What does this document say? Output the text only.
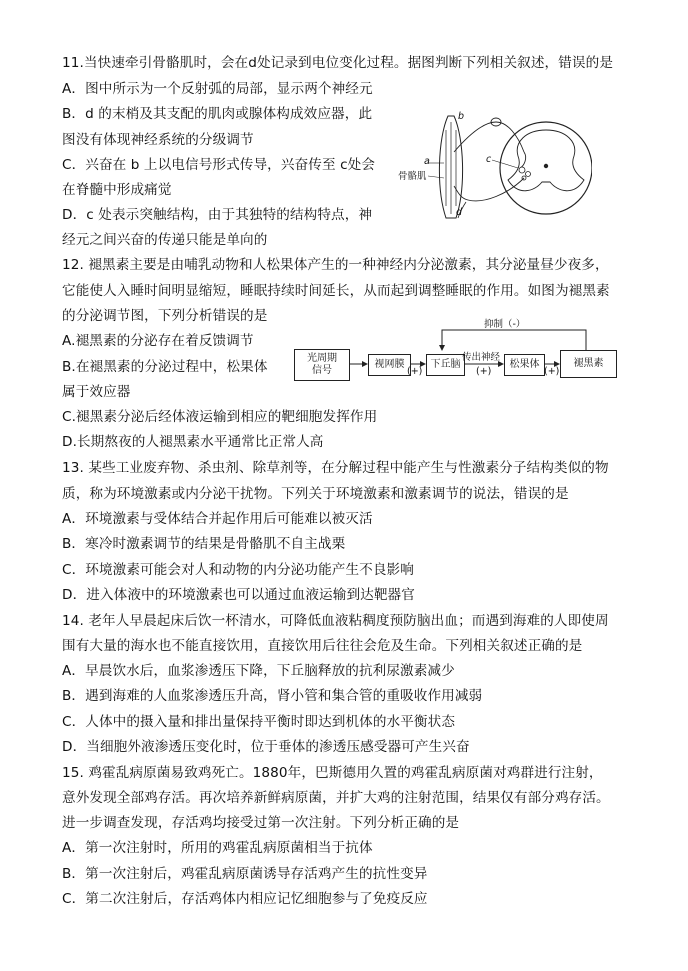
11.当快速牵引骨骼肌时，会在d处记录到电位变化过程。据图判断下列相关叙述，错误的是
A．图中所示为一个反射弧的局部，显示两个神经元
B．d 的末梢及其支配的肌肉或腺体构成效应器，此
图没有体现神经系统的分级调节
C．兴奋在 b 上以电信号形式传导，兴奋传至 c处会
在脊髓中形成痛觉
D．c 处表示突触结构，由于其独特的结构特点，神
经元之间兴奋的传递只能是单向的
b
a	c
d
骨骼肌
12. 褪黑素主要是由哺乳动物和人松果体产生的一种神经内分泌激素，其分泌量昼少夜多，
它能使人入睡时间明显缩短，睡眠持续时间延长，从而起到调整睡眠的作用。如图为褪黑素
的分泌调节图，下列分析错误的是
A.褪黑素的分泌存在着反馈调节
B.在褪黑素的分泌过程中，松果体
属于效应器
C.褪黑素分泌后经体液运输到相应的靶细胞发挥作用
D.长期熬夜的人褪黑素水平通常比正常人高
光周期信号
视网膜	下丘脑	松果体	褪黑素
抑制（-）
传出神经
(+)	(+)	(+)
13. 某些工业废弃物、杀虫剂、除草剂等，在分解过程中能产生与性激素分子结构类似的物
质，称为环境激素或内分泌干扰物。下列关于环境激素和激素调节的说法，错误的是
A．环境激素与受体结合并起作用后可能难以被灭活
B．寒冷时激素调节的结果是骨骼肌不自主战栗
C．环境激素可能会对人和动物的内分泌功能产生不良影响
D．进入体液中的环境激素也可以通过血液运输到达靶器官
14. 老年人早晨起床后饮一杯清水，可降低血液粘稠度预防脑出血；而遇到海难的人即使周
围有大量的海水也不能直接饮用，直接饮用后往往会危及生命。下列相关叙述正确的是
A．早晨饮水后，血浆渗透压下降，下丘脑释放的抗利尿激素减少
B．遇到海难的人血浆渗透压升高，肾小管和集合管的重吸收作用减弱
C．人体中的摄入量和排出量保持平衡时即达到机体的水平衡状态
D．当细胞外液渗透压变化时，位于垂体的渗透压感受器可产生兴奋
15. 鸡霍乱病原菌易致鸡死亡。1880年，巴斯德用久置的鸡霍乱病原菌对鸡群进行注射，
意外发现全部鸡存活。再次培养新鲜病原菌，并扩大鸡的注射范围，结果仅有部分鸡存活。
进一步调查发现，存活鸡均接受过第一次注射。下列分析正确的是
A．第一次注射时，所用的鸡霍乱病原菌相当于抗体
B．第一次注射后，鸡霍乱病原菌诱导存活鸡产生的抗性变异
C．第二次注射后，存活鸡体内相应记忆细胞参与了免疫反应
